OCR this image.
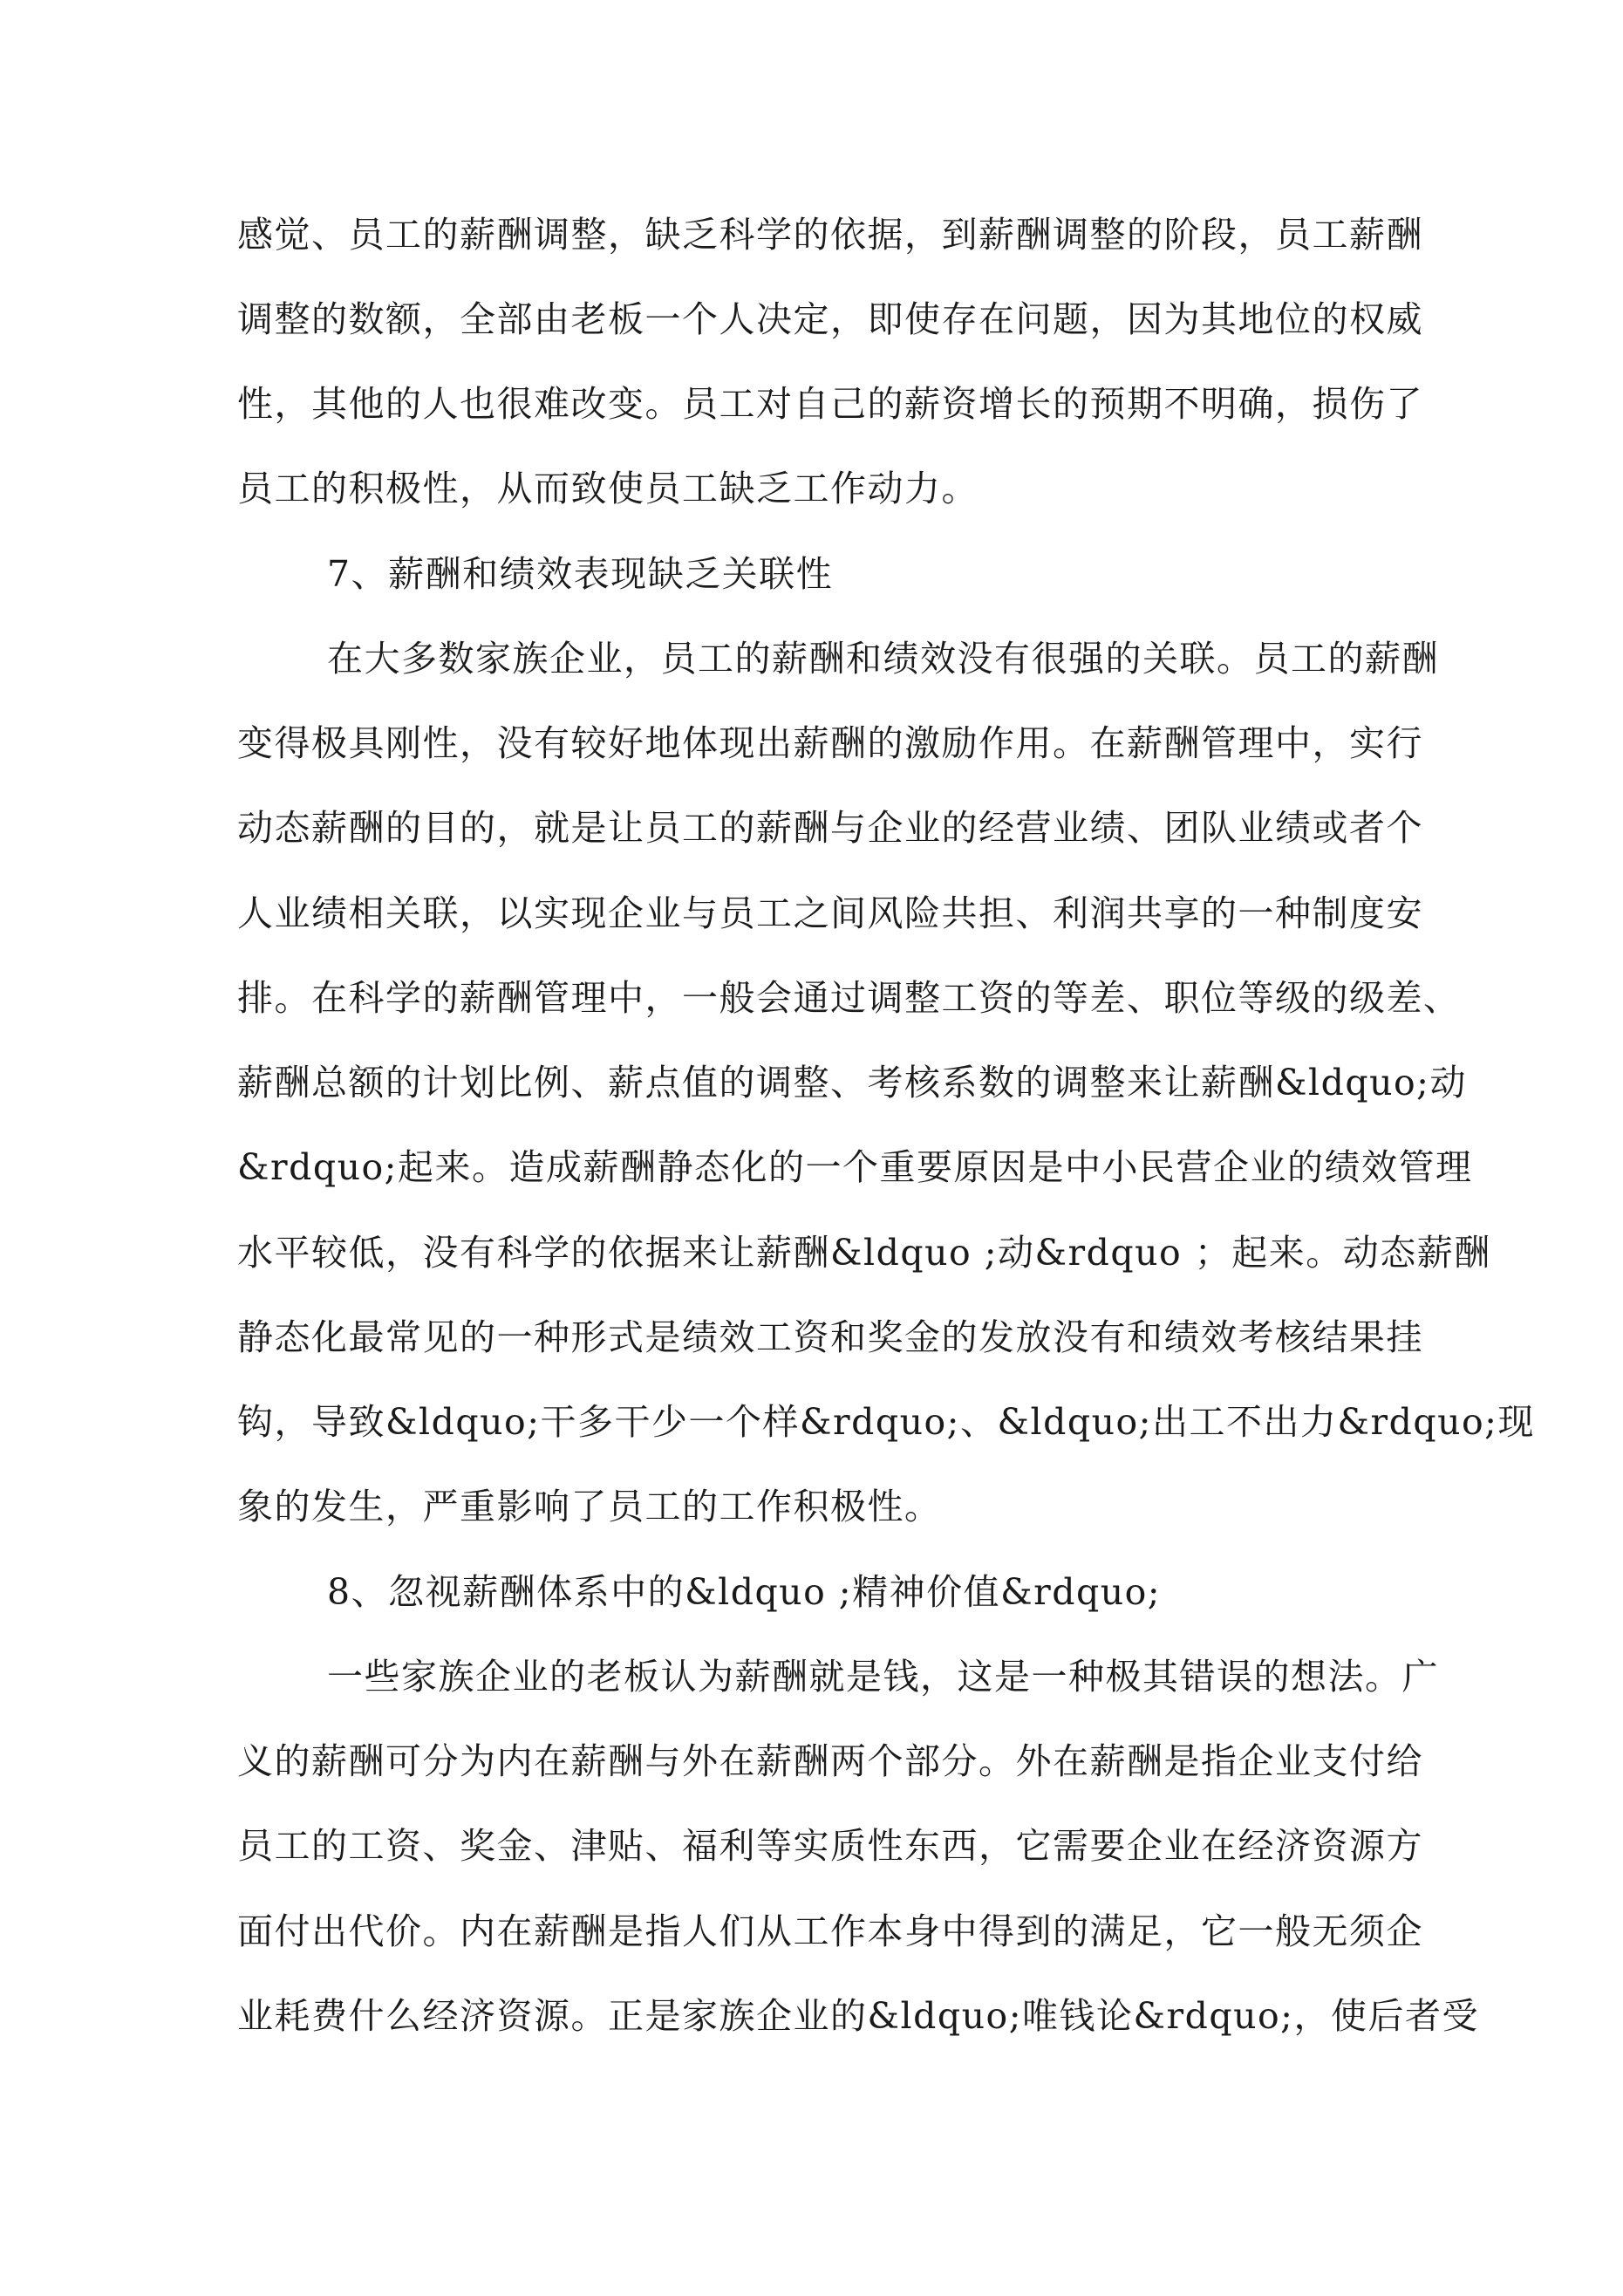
感觉、员工的薪酬调整，缺乏科学的依据，到薪酬调整的阶段，员工薪酬
调整的数额，全部由老板一个人决定，即使存在问题，因为其地位的权威
性，其他的人也很难改变。员工对自己的薪资增长的预期不明确，损伤了
员工的积极性，从而致使员工缺乏工作动力。
7、薪酬和绩效表现缺乏关联性
在大多数家族企业，员工的薪酬和绩效没有很强的关联。员工的薪酬
变得极具刚性，没有较好地体现出薪酬的激励作用。在薪酬管理中，实行
动态薪酬的目的，就是让员工的薪酬与企业的经营业绩、团队业绩或者个
人业绩相关联，以实现企业与员工之间风险共担、利润共享的一种制度安
排。在科学的薪酬管理中，一般会通过调整工资的等差、职位等级的级差、
薪酬总额的计划比例、薪点值的调整、考核系数的调整来让薪酬&ldquo;动
&rdquo;起来。造成薪酬静态化的一个重要原因是中小民营企业的绩效管理
水平较低，没有科学的依据来让薪酬&ldquo ;动&rdquo ；起来。动态薪酬
静态化最常见的一种形式是绩效工资和奖金的发放没有和绩效考核结果挂
钩，导致&ldquo;干多干少一个样&rdquo;、&ldquo;出工不出力&rdquo;现
象的发生，严重影响了员工的工作积极性。
8、忽视薪酬体系中的&ldquo ;精神价值&rdquo;
一些家族企业的老板认为薪酬就是钱，这是一种极其错误的想法。广
义的薪酬可分为内在薪酬与外在薪酬两个部分。外在薪酬是指企业支付给
员工的工资、奖金、津贴、福利等实质性东西，它需要企业在经济资源方
面付出代价。内在薪酬是指人们从工作本身中得到的满足，它一般无须企
业耗费什么经济资源。正是家族企业的&ldquo;唯钱论&rdquo;，使后者受
